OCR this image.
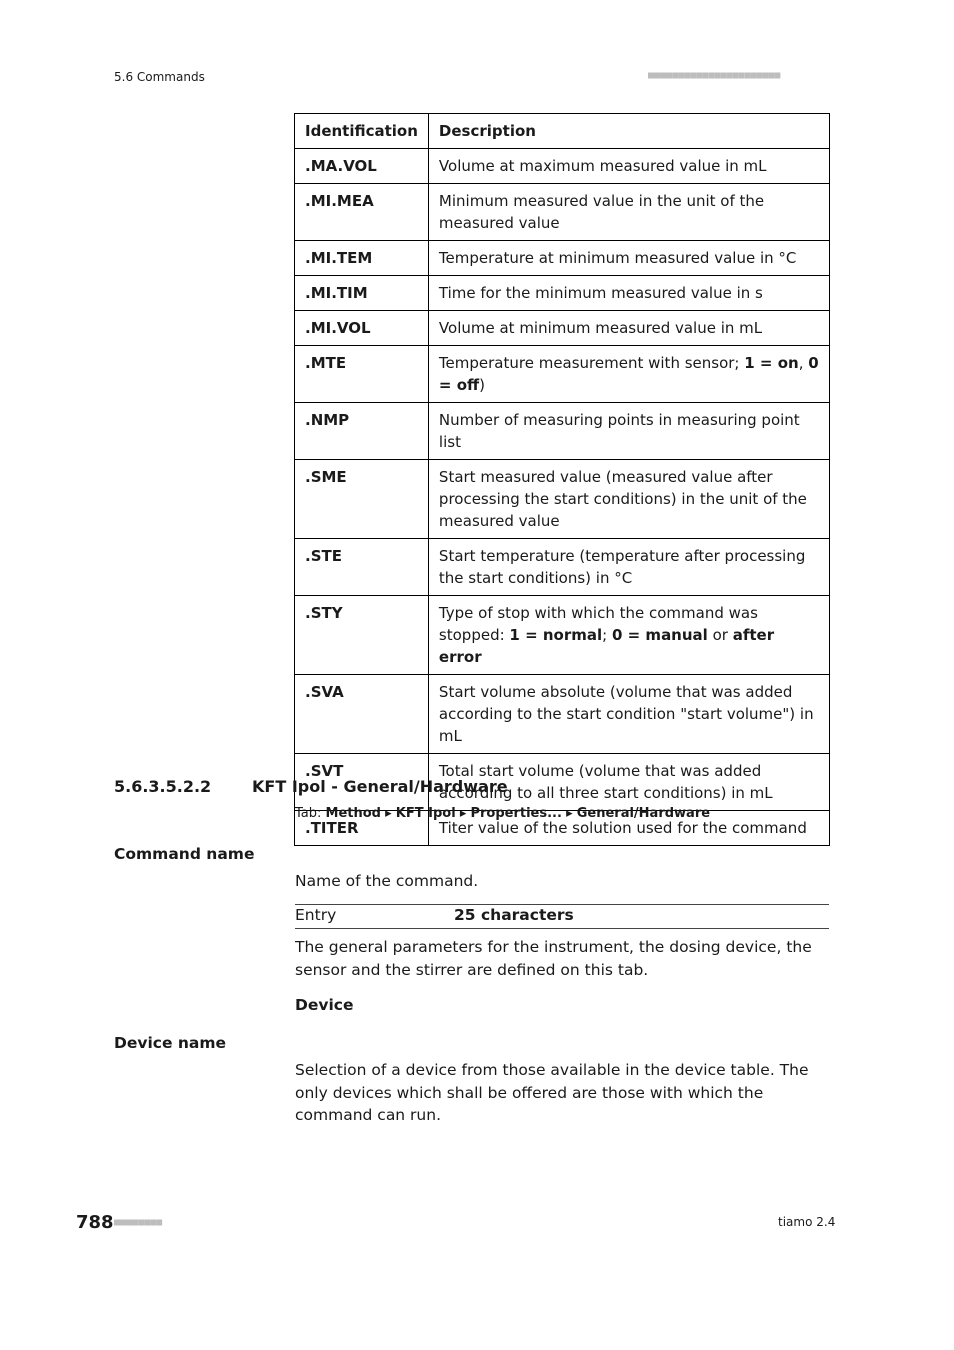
5.6 Commands	■■■■■■■■■■■■■■■■■■■■■■
Identification	Description
.MA.VOL	Volume at maximum measured value in mL
.MI.MEA	Minimum measured value in the unit of the measured value
.MI.TEM	Temperature at minimum measured value in °C
.MI.TIM	Time for the minimum measured value in s
.MI.VOL	Volume at minimum measured value in mL
.MTE	Temperature measurement with sensor; 1 = on, 0 = off)
.NMP	Number of measuring points in measuring point list
.SME	Start measured value (measured value after processing the start conditions) in the unit of the measured value
.STE	Start temperature (temperature after processing the start conditions) in °C
.STY	Type of stop with which the command was stopped: 1 = normal; 0 = manual or after error
.SVA	Start volume absolute (volume that was added according to the start condition "start volume") in mL
.SVT	Total start volume (volume that was added according to all three start conditions) in mL
.TITER	Titer value of the solution used for the command
5.6.3.5.2.2	KFT Ipol - General/Hardware
Tab: Method ▸ KFT Ipol ▸ Properties... ▸ General/Hardware
Command name
Name of the command.
Entry	25 characters
The general parameters for the instrument, the dosing device, the sensor and the stirrer are defined on this tab.
Device
Device name
Selection of a device from those available in the device table. The only devices which shall be offered are those with which the command can run.
788 ■■■■■■■■	tiamo 2.4
